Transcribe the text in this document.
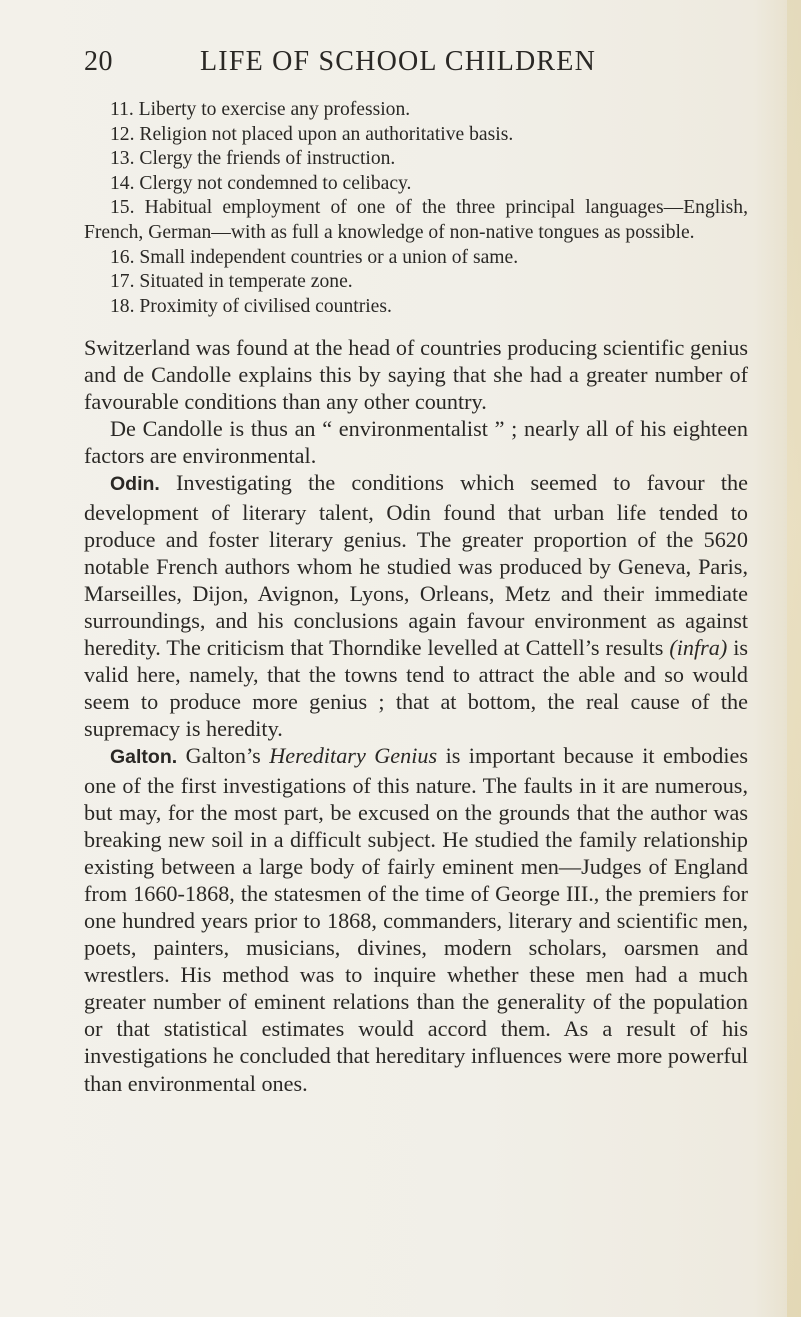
20	LIFE OF SCHOOL CHILDREN

11. Liberty to exercise any profession.

12. Religion not placed upon an authoritative basis.

13. Clergy the friends of instruction.

14. Clergy not condemned to celibacy.

15. Habitual employment of one of the three principal languages—English, French, German—with as full a knowledge of non-native tongues as possible.

16. Small independent countries or a union of same.

17. Situated in temperate zone.

18. Proximity of civilised countries.

Switzerland was found at the head of countries producing scientific genius and de Candolle explains this by saying that she had a greater number of favourable conditions than any other country.

De Candolle is thus an “ environmentalist ” ; nearly all of his eighteen factors are environmental.

Odin. Investigating the conditions which seemed to favour the development of literary talent, Odin found that urban life tended to produce and foster literary genius. The greater proportion of the 5620 notable French authors whom he studied was produced by Geneva, Paris, Marseilles, Dijon, Avignon, Lyons, Orleans, Metz and their immediate surroundings, and his conclusions again favour environment as against heredity. The criticism that Thorndike levelled at Cattell’s results (infra) is valid here, namely, that the towns tend to attract the able and so would seem to produce more genius ; that at bottom, the real cause of the supremacy is heredity.

Galton. Galton’s Hereditary Genius is important because it embodies one of the first investigations of this nature. The faults in it are numerous, but may, for the most part, be excused on the grounds that the author was breaking new soil in a difficult subject. He studied the family relationship existing between a large body of fairly eminent men—Judges of England from 1660-1868, the statesmen of the time of George III., the premiers for one hundred years prior to 1868, commanders, literary and scientific men, poets, painters, musicians, divines, modern scholars, oarsmen and wrestlers. His method was to inquire whether these men had a much greater number of eminent relations than the generality of the population or that statistical estimates would accord them. As a result of his investigations he concluded that hereditary influences were more powerful than environmental ones.
